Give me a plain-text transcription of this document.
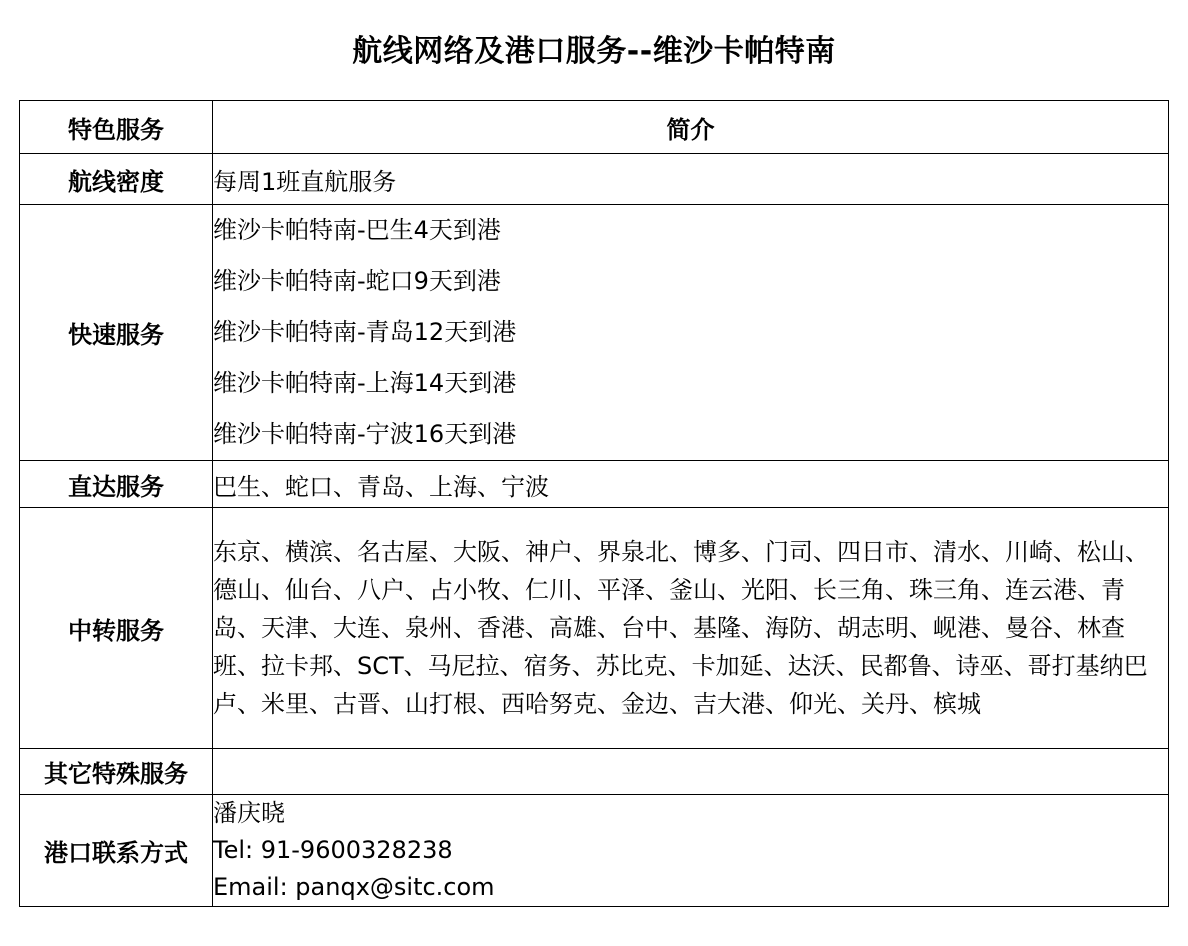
航线网络及港口服务--维沙卡帕特南
特色服务	简介
航线密度	每周1班直航服务
快速服务	维沙卡帕特南-巴生4天到港
维沙卡帕特南-蛇口9天到港
维沙卡帕特南-青岛12天到港
维沙卡帕特南-上海14天到港
维沙卡帕特南-宁波16天到港

直达服务	巴生、蛇口、青岛、上海、宁波
中转服务	东京、横滨、名古屋、大阪、神户、界泉北、博多、门司、四日市、清水、川崎、松山、德山、仙台、八户、占小牧、仁川、平泽、釜山、光阳、长三角、珠三角、连云港、青岛、天津、大连、泉州、香港、高雄、台中、基隆、海防、胡志明、岘港、曼谷、林查班、拉卡邦、SCT、马尼拉、宿务、苏比克、卡加延、达沃、民都鲁、诗巫、哥打基纳巴卢、米里、古晋、山打根、西哈努克、金边、吉大港、仰光、关丹、槟城

其它特殊服务	
港口联系方式	潘庆晓
Tel: 91-9600328238
Email: panqx@sitc.com
